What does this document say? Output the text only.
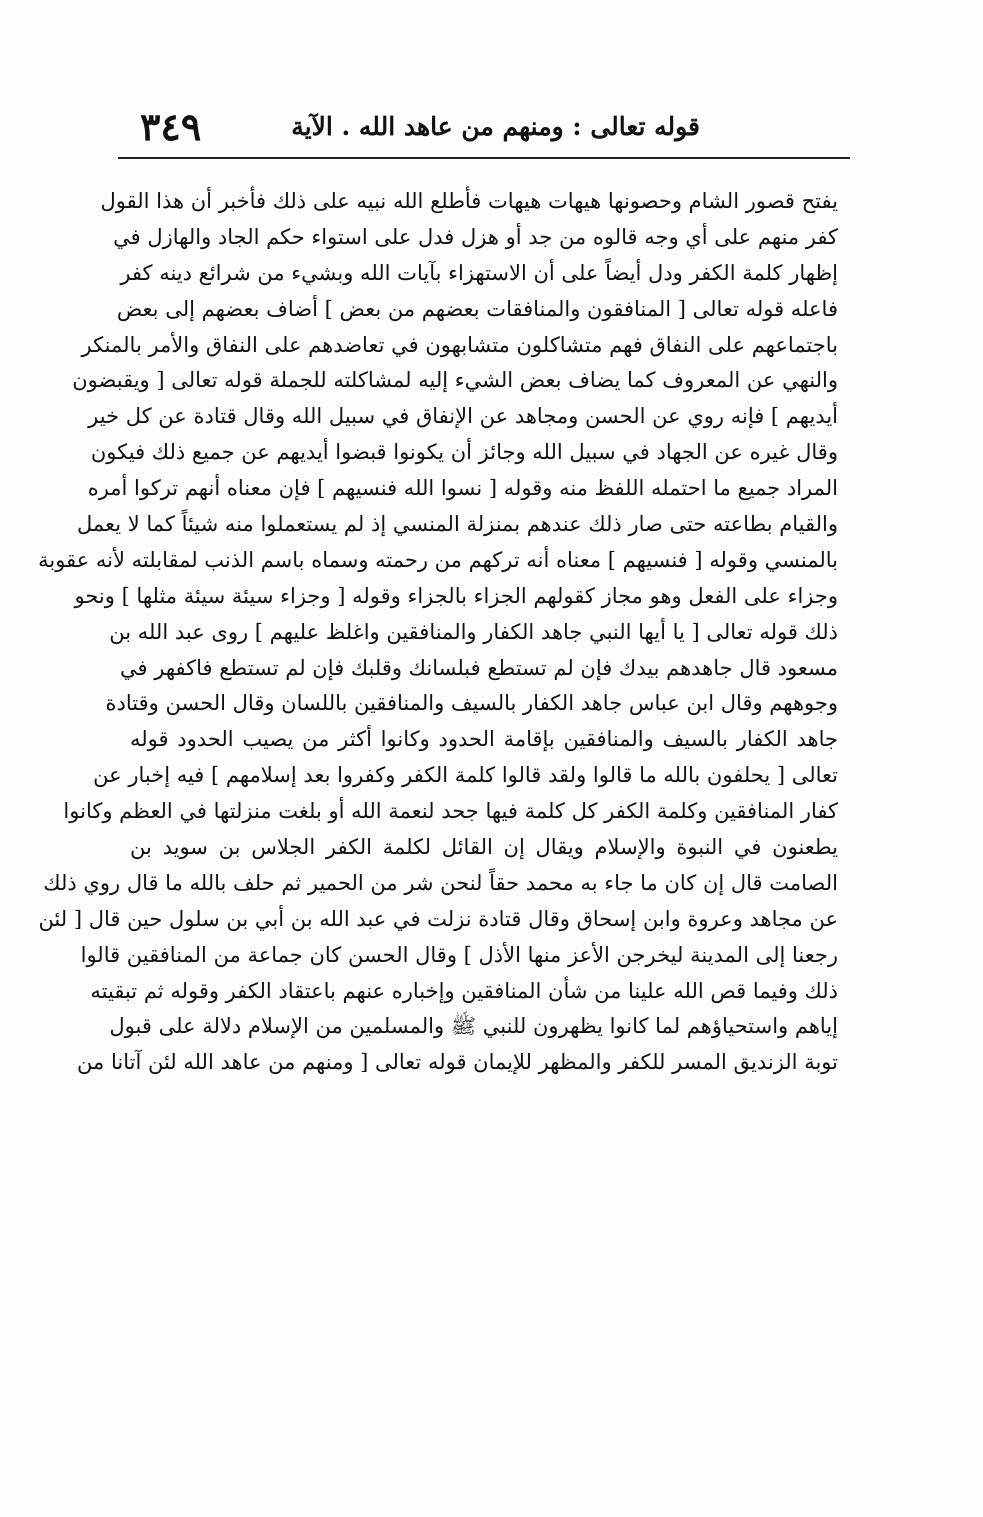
قوله تعالى : ومنهم من عاهد الله . الآية
٣٤٩
يفتح قصور الشام وحصونها هيهات هيهات فأطلع الله نبيه على ذلك فأخبر أن هذا القول
كفر منهم على أي وجه قالوه من جد أو هزل فدل على استواء حكم الجاد والهازل في
إظهار كلمة الكفر ودل أيضاً على أن الاستهزاء بآيات الله وبشيء من شرائع دينه كفر
فاعله قوله تعالى [ المنافقون والمنافقات بعضهم من بعض ] أضاف بعضهم إلى بعض
باجتماعهم على النفاق فهم متشاكلون متشابهون في تعاضدهم على النفاق والأمر بالمنكر
والنهي عن المعروف كما يضاف بعض الشيء إليه لمشاكلته للجملة قوله تعالى [ ويقبضون
أيديهم ] فإنه روي عن الحسن ومجاهد عن الإنفاق في سبيل الله وقال قتادة عن كل خير
وقال غيره عن الجهاد في سبيل الله وجائز أن يكونوا قبضوا أيديهم عن جميع ذلك فيكون
المراد جميع ما احتمله اللفظ منه وقوله [ نسوا الله فنسيهم ] فإن معناه أنهم تركوا أمره
والقيام بطاعته حتى صار ذلك عندهم بمنزلة المنسي إذ لم يستعملوا منه شيئاً كما لا يعمل
بالمنسي وقوله [ فنسيهم ] معناه أنه تركهم من رحمته وسماه باسم الذنب لمقابلته لأنه عقوبة
وجزاء على الفعل وهو مجاز كقولهم الجزاء بالجزاء وقوله [ وجزاء سيئة سيئة مثلها ] ونحو
ذلك قوله تعالى [ يا أيها النبي جاهد الكفار والمنافقين واغلظ عليهم ] روى عبد الله بن
مسعود قال جاهدهم بيدك فإن لم تستطع فبلسانك وقلبك فإن لم تستطع فاكفهر في
وجوههم وقال ابن عباس جاهد الكفار بالسيف والمنافقين باللسان وقال الحسن وقتادة
جاهد الكفار بالسيف والمنافقين بإقامة الحدود وكانوا أكثر من يصيب الحدود قوله
تعالى [ يحلفون بالله ما قالوا ولقد قالوا كلمة الكفر وكفروا بعد إسلامهم ] فيه إخبار عن
كفار المنافقين وكلمة الكفر كل كلمة فيها جحد لنعمة الله أو بلغت منزلتها في العظم وكانوا
يطعنون في النبوة والإسلام ويقال إن القائل لكلمة الكفر الجلاس بن سويد بن
الصامت قال إن كان ما جاء به محمد حقاً لنحن شر من الحمير ثم حلف بالله ما قال روي ذلك
عن مجاهد وعروة وابن إسحاق وقال قتادة نزلت في عبد الله بن أبي بن سلول حين قال [ لئن
رجعنا إلى المدينة ليخرجن الأعز منها الأذل ] وقال الحسن كان جماعة من المنافقين قالوا
ذلك وفيما قص الله علينا من شأن المنافقين وإخباره عنهم باعتقاد الكفر وقوله ثم تبقيته
إياهم واستحياؤهم لما كانوا يظهرون للنبي ﷺ والمسلمين من الإسلام دلالة على قبول
توبة الزنديق المسر للكفر والمظهر للإيمان قوله تعالى [ ومنهم من عاهد الله لئن آتانا من
